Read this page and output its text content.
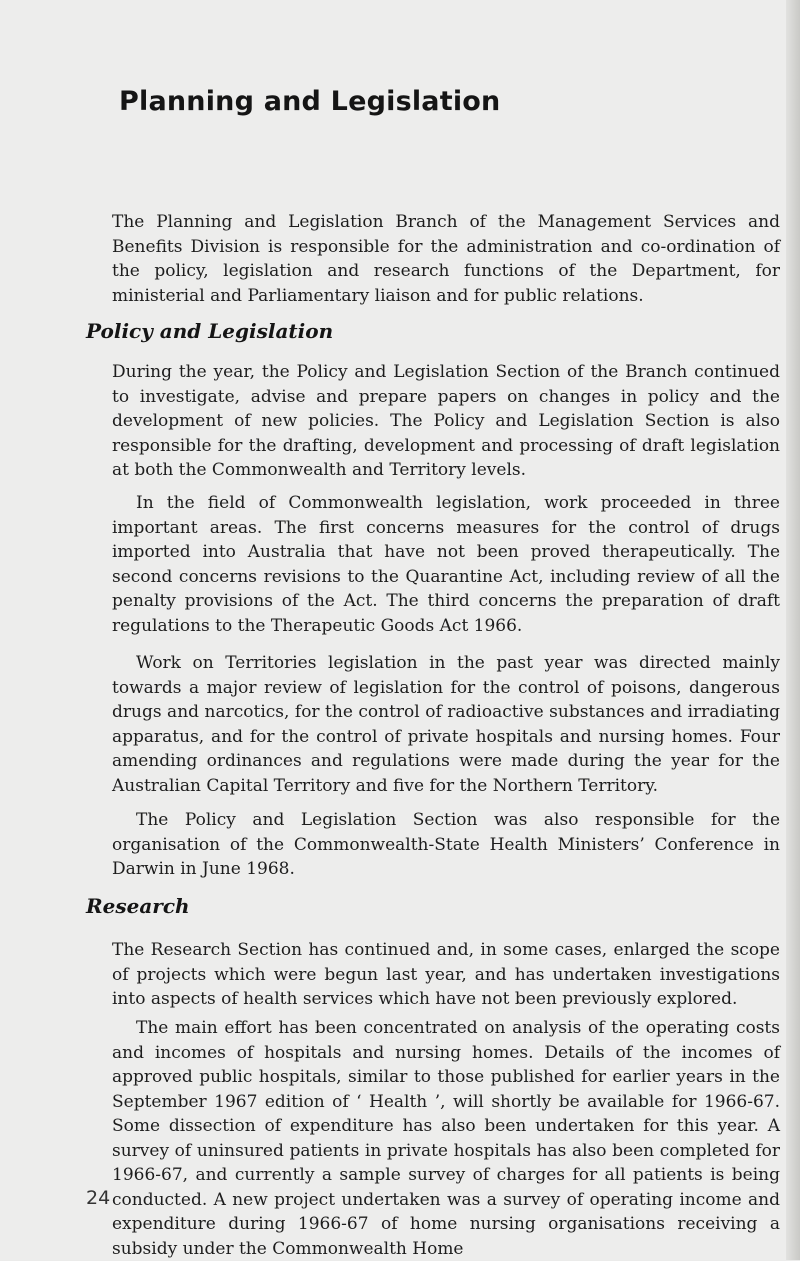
Planning and Legislation

The Planning and Legislation Branch of the Management Services and Benefits Division is responsible for the administration and co-ordination of the policy, legislation and research functions of the Department, for ministerial and Parliamentary liaison and for public relations.

Policy and Legislation

During the year, the Policy and Legislation Section of the Branch continued to investigate, advise and prepare papers on changes in policy and the development of new policies. The Policy and Legislation Section is also responsible for the drafting, development and processing of draft legislation at both the Commonwealth and Territory levels.

In the field of Commonwealth legislation, work proceeded in three important areas. The first concerns measures for the control of drugs imported into Australia that have not been proved therapeutically. The second concerns revisions to the Quarantine Act, including review of all the penalty provisions of the Act. The third concerns the preparation of draft regulations to the Therapeutic Goods Act 1966.

Work on Territories legislation in the past year was directed mainly towards a major review of legislation for the control of poisons, dangerous drugs and narcotics, for the control of radioactive substances and irradiating apparatus, and for the control of private hospitals and nursing homes. Four amending ordinances and regulations were made during the year for the Australian Capital Territory and five for the Northern Territory.

The Policy and Legislation Section was also responsible for the organisation of the Commonwealth-State Health Ministers’ Conference in Darwin in June 1968.

Research

The Research Section has continued and, in some cases, enlarged the scope of projects which were begun last year, and has undertaken investigations into aspects of health services which have not been previously explored.

The main effort has been concentrated on analysis of the operating costs and incomes of hospitals and nursing homes. Details of the incomes of approved public hospitals, similar to those published for earlier years in the September 1967 edition of ‘ Health ’, will shortly be available for 1966-67. Some dissection of expenditure has also been undertaken for this year. A survey of uninsured patients in private hospitals has also been completed for 1966-67, and currently a sample survey of charges for all patients is being conducted. A new project undertaken was a survey of operating income and expenditure during 1966-67 of home nursing organisations receiving a subsidy under the Commonwealth Home

24
